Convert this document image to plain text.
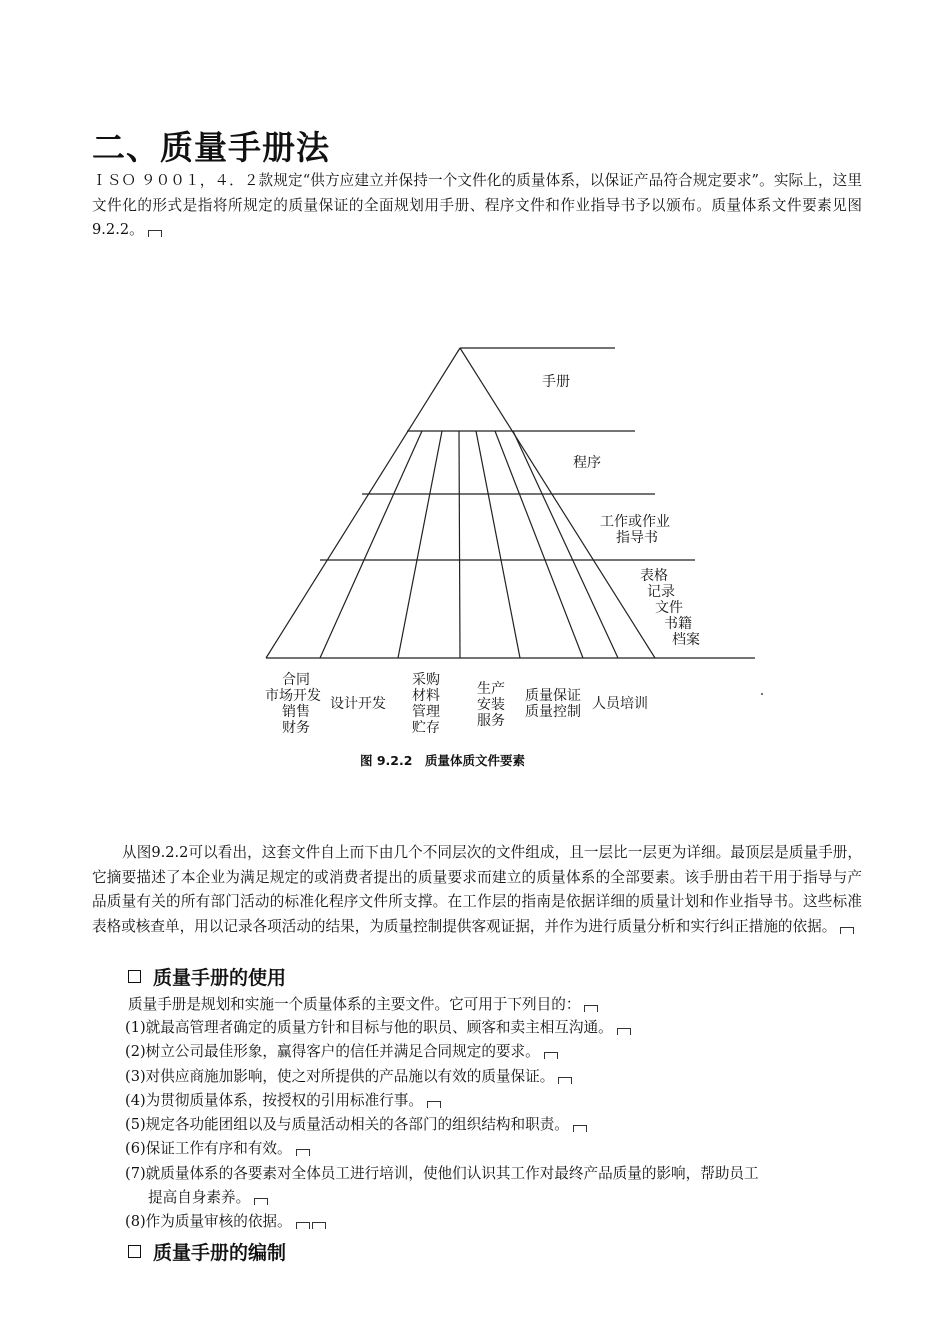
二、质量手册法

ＩＳＯ ９００１，４．２款规定“供方应建立并保持一个文件化的质量体系，以保证产品符合规定要求”。实际上，这里文件化的形式是指将所规定的质量保证的全面规划用手册、程序文件和作业指导书予以颁布。质量体系文件要素见图9.2.2。

手册
程序
工作或作业
指导书
表格
记录
文件
书籍
档案
合同
市场开发
销售
财务
设计开发
采购
材料
管理
贮存
生产
安装
服务
质量保证
质量控制 人员培训
图 9.2.2　质量体质文件要素

从图9.2.2可以看出，这套文件自上而下由几个不同层次的文件组成，且一层比一层更为详细。最顶层是质量手册，它摘要描述了本企业为满足规定的或消费者提出的质量要求而建立的质量体系的全部要素。该手册由若干用于指导与产品质量有关的所有部门活动的标准化程序文件所支撑。在工作层的指南是依据详细的质量计划和作业指导书。这些标准表格或核查单，用以记录各项活动的结果，为质量控制提供客观证据，并作为进行质量分析和实行纠正措施的依据。

质量手册的使用

质量手册是规划和实施一个质量体系的主要文件。它可用于下列目的：

(1)就最高管理者确定的质量方针和目标与他的职员、顾客和卖主相互沟通。
(2)树立公司最佳形象，赢得客户的信任并满足合同规定的要求。
(3)对供应商施加影响，使之对所提供的产品施以有效的质量保证。
(4)为贯彻质量体系，按授权的引用标准行事。
(5)规定各功能团组以及与质量活动相关的各部门的组织结构和职责。
(6)保证工作有序和有效。
(7)就质量体系的各要素对全体员工进行培训，使他们认识其工作对最终产品质量的影响，帮助员工
提高自身素养。
(8)作为质量审核的依据。
质量手册的编制
